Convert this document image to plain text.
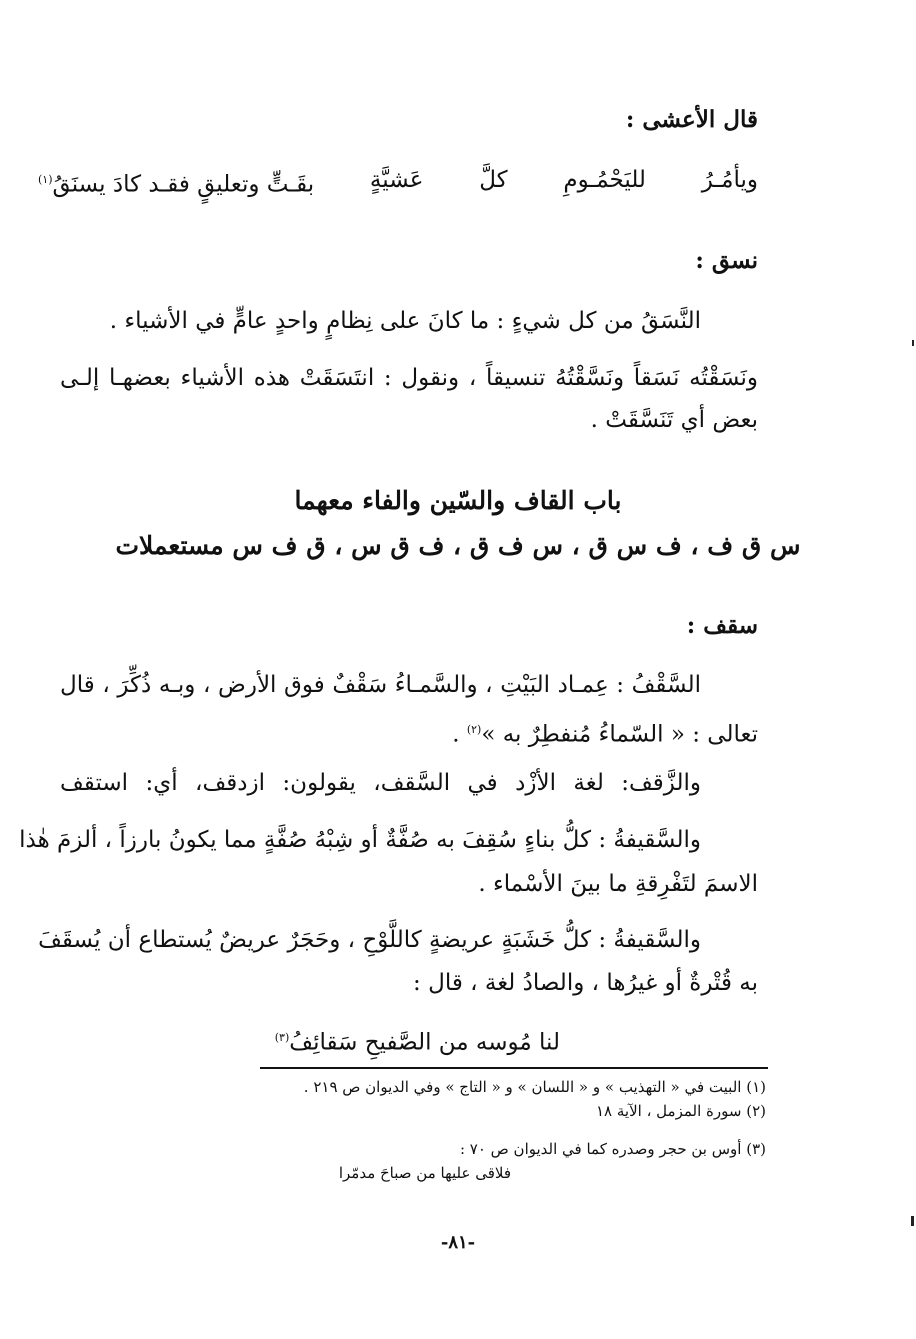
قال الأعشى :
ويأمُـرُ
لليَحْمُـومِ
كلَّ
عَشيَّةٍ
بقَـتٍّ وتعليقٍ فقـد كادَ يسنَقُ$^{(١)}$
نسق :
النَّسَقُ من كل شيءٍ : ما كانَ على نِظامٍ واحدٍ عامٍّ في الأشياء .
ونَسَقْتُه نَسَقاً ونَسَّقْتُهُ تنسيقاً ، ونقول : انتَسَقَتْ هذه الأشياء بعضهـا إلـى
بعض أي تَنَسَّقَتْ .
باب القاف والسّين والفاء معهما
س ق ف ، ف س ق ، س ف ق ، ف ق س ، ق ف س مستعملات
سقف :
السَّقْفُ : عِمـاد البَيْتِ ، والسَّمـاءُ سَقْفٌ فوق الأرض ، وبـه ذُكِّرَ ، قال
تعالى : « السّماءُ مُنفطِرٌ به »$^{(٢)}$ .
والزَّقف: لغة الأزْد في السَّقف، يقولون: ازدقف، أي: استقف
والسَّقيفةُ : كلُّ بناءٍ سُقِفَ به صُفَّةٌ أو شِبْهُ صُفَّةٍ مما يكونُ بارزاً ، ألزمَ هٰذا
الاسمَ لتَفْرِقةِ ما بينَ الأسْماء .
والسَّقيفةُ : كلُّ خَشَبَةٍ عريضةٍ كاللَّوْحِ ، وحَجَرٌ عريضٌ يُستطاع أن يُسقَفَ
به قُتْرةٌ أو غيرُها ، والصادُ لغة ، قال :
لنا مُوسه من الصَّفيحِ سَقائِفُ$^{(٣)}$
(١) البيت في « التهذيب » و « اللسان » و « التاج » وفي الديوان ص ٢١٩ .
(٢) سورة المزمل ، الآية ١٨
(٣) أوس بن حجر وصدره كما في الديوان ص ٧٠ :
فلاقى عليها من صباحَ مدمّرا
-٨١-
